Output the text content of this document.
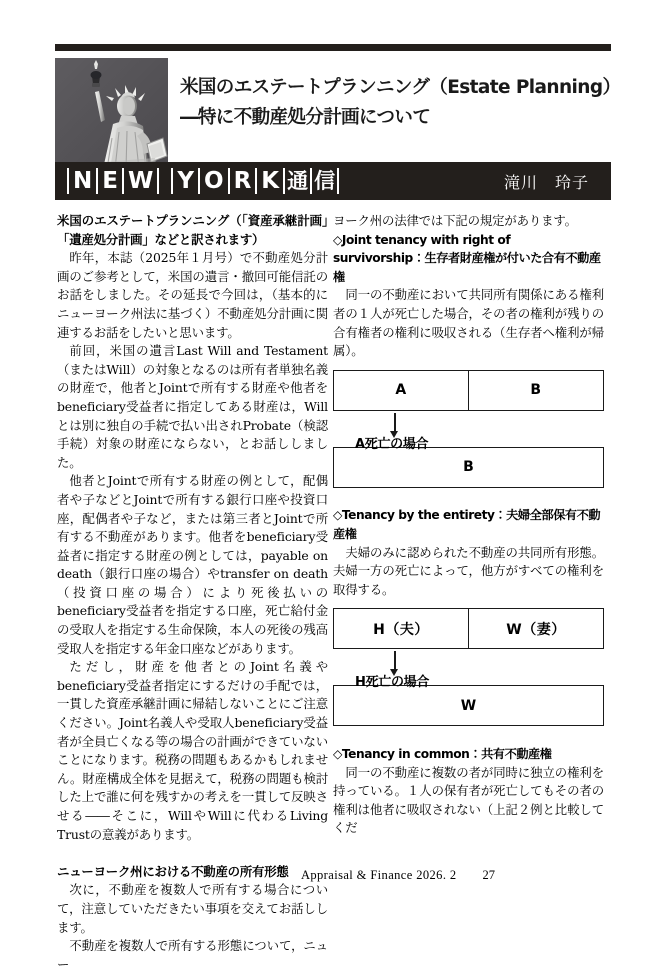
米国のエステートプランニング（Estate Planning）
―特に不動産処分計画について
N E W Y O R K 通 信	滝川　玲子
米国のエステートプランニング（「資産承継計画」「遺産処分計画」などと訳されます）

昨年，本誌（2025年１月号）で不動産処分計画のご参考として，米国の遺言・撤回可能信託のお話をしました。その延長で今回は，（基本的にニューヨーク州法に基づく）不動産処分計画に関連するお話をしたいと思います。

前回，米国の遺言Last Will and Testament（またはWill）の対象となるのは所有者単独名義の財産で，他者とJointで所有する財産や他者をbeneficiary受益者に指定してある財産は，Willとは別に独自の手続で払い出されProbate（検認手続）対象の財産にならない，とお話ししました。

他者とJointで所有する財産の例として，配偶者や子などとJointで所有する銀行口座や投資口座，配偶者や子など，または第三者とJointで所有する不動産があります。他者をbeneficiary受益者に指定する財産の例としては，payable on death（銀行口座の場合）やtransfer on death（投資口座の場合）により死後払いのbeneficiary受益者を指定する口座，死亡給付金の受取人を指定する生命保険，本人の死後の残高受取人を指定する年金口座などがあります。

ただし，財産を他者とのJoint名義やbeneficiary受益者指定にするだけの手配では，一貫した資産承継計画に帰結しないことにご注意ください。Joint名義人や受取人beneficiary受益者が全員亡くなる等の場合の計画ができていないことになります。税務の問題もあるかもしれません。財産構成全体を見据えて，税務の問題も検討した上で誰に何を残すかの考えを一貫して反映させる――そこに，WillやWillに代わるLiving Trustの意義があります。

ニューヨーク州における不動産の所有形態

次に，不動産を複数人で所有する場合について，注意していただきたい事項を交えてお話しします。

不動産を複数人で所有する形態について，ニュー

ヨーク州の法律では下記の規定があります。

◇Joint tenancy with right of survivorship：生存者財産権が付いた合有不動産権

同一の不動産において共同所有関係にある権利者の１人が死亡した場合，その者の権利が残りの合有権者の権利に吸収される（生存者へ権利が帰属）。

A	B
A死亡の場合
B
◇Tenancy by the entirety：夫婦全部保有不動産権

夫婦のみに認められた不動産の共同所有形態。夫婦一方の死亡によって，他方がすべての権利を取得する。

H（夫）	W（妻）
H死亡の場合
W
◇Tenancy in common：共有不動産権

同一の不動産に複数の者が同時に独立の権利を持っている。１人の保有者が死亡してもその者の権利は他者に吸収されない（上記２例と比較してくだ

Appraisal & Finance 2026. 2 27
